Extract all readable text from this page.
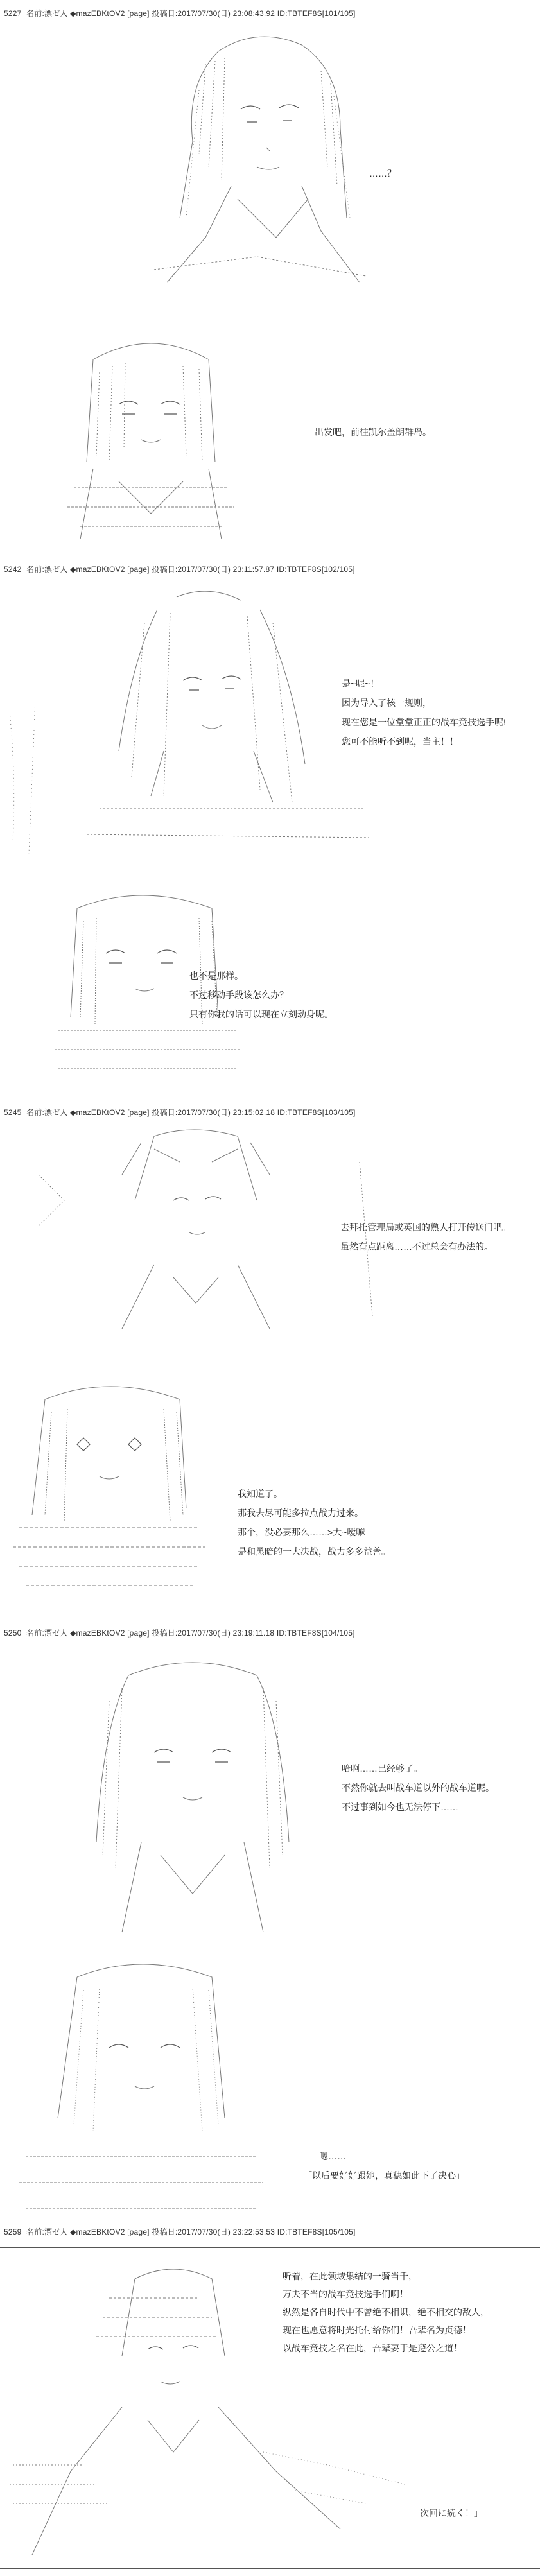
5227 名前:漂ゼ人 ◆mazEBKtOV2 [page] 投稿日:2017/07/30(日) 23:08:43.92 ID:TBTEF8S[101/105]
……？
出发吧，前往凯尔盖朗群岛。
5242 名前:漂ゼ人 ◆mazEBKtOV2 [page] 投稿日:2017/07/30(日) 23:11:57.87 ID:TBTEF8S[102/105]
是~呢~！
因为导入了核一规则，
现在您是一位堂堂正正的战车竞技选手呢!
您可不能听不到呢，当主！！
也不是那样。
不过移动手段该怎么办？
只有你我的话可以现在立刻动身呢。
5245 名前:漂ゼ人 ◆mazEBKtOV2 [page] 投稿日:2017/07/30(日) 23:15:02.18 ID:TBTEF8S[103/105]
去拜托管理局或英国的熟人打开传送门吧。
虽然有点距离……不过总会有办法的。
我知道了。
那我去尽可能多拉点战力过来。
那个，没必要那么……>大~嗳嘛
是和黑暗的一大决战，战力多多益善。
5250 名前:漂ゼ人 ◆mazEBKtOV2 [page] 投稿日:2017/07/30(日) 23:19:11.18 ID:TBTEF8S[104/105]
哈啊……已经够了。
不然你就去叫战车道以外的战车道呢。
不过事到如今也无法停下……
嗯……
「以后要好好跟她，真穗如此下了决心」
5259 名前:漂ゼ人 ◆mazEBKtOV2 [page] 投稿日:2017/07/30(日) 23:22:53.53 ID:TBTEF8S[105/105]
听着，在此领域集结的一骑当千，
万夫不当的战车竞技选手们啊！
纵然是各自时代中不曾绝不相识，绝不相交的敌人，
现在也愿意将时光托付给你们！吾辈名为贞德！
以战车竞技之名在此，吾辈要于是遵公之道！
「次回に続く！」
